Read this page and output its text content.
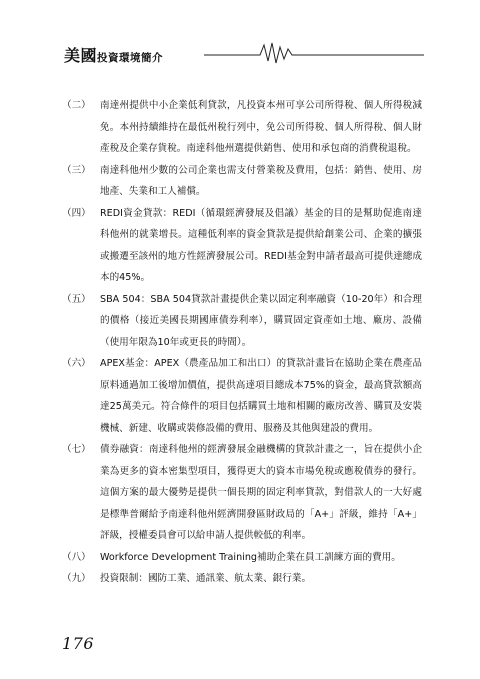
美國投資環境簡介
（二） 南達州提供中小企業低利貸款，凡投資本州可享公司所得稅、個人所得稅減免。本州持續維持在最低州稅行列中，免公司所得稅、個人所得稅、個人財產稅及企業存貨稅。南達科他州選提供銷售、使用和承包商的消費稅退稅。
（三） 南達科他州少數的公司企業也需支付營業稅及費用，包括：銷售、使用、房地產、失業和工人補償。
（四） REDI資金貸款：REDI（循環經濟發展及倡議）基金的目的是幫助促進南達科他州的就業增長。這種低利率的資金貸款是提供給創業公司、企業的擴張或搬遷至該州的地方性經濟發展公司。REDI基金對申請者最高可提供達總成本的45%。
（五） SBA 504：SBA 504貸款計畫提供企業以固定利率融資（10-20年）和合理的價格（接近美國長期國庫債券利率），購買固定資產如土地、廠房、設備（使用年限為10年或更長的時間）。
（六） APEX基金：APEX（農產品加工和出口）的貸款計畫旨在協助企業在農產品原料通過加工後增加價值，提供高達項目總成本75%的資金，最高貸款額高達25萬美元。符合條件的項目包括購買土地和相關的廠房改善、購買及安裝機械、新建、收購或裝修設備的費用、服務及其他與建設的費用。
（七） 債券融資：南達科他州的經濟發展金融機構的貸款計畫之一，旨在提供小企業為更多的資本密集型項目，獲得更大的資本市場免稅或應稅債券的發行。這個方案的最大優勢是提供一個長期的固定利率貸款，對借款人的一大好處是標準普爾給予南達科他州經濟開發區財政局的「A+」評級，維持「A+」評級，授權委員會可以給申請人提供較低的利率。
（八） Workforce Development Training補助企業在員工訓練方面的費用。
（九） 投資限制：國防工業、通訊業、航太業、銀行業。
176
